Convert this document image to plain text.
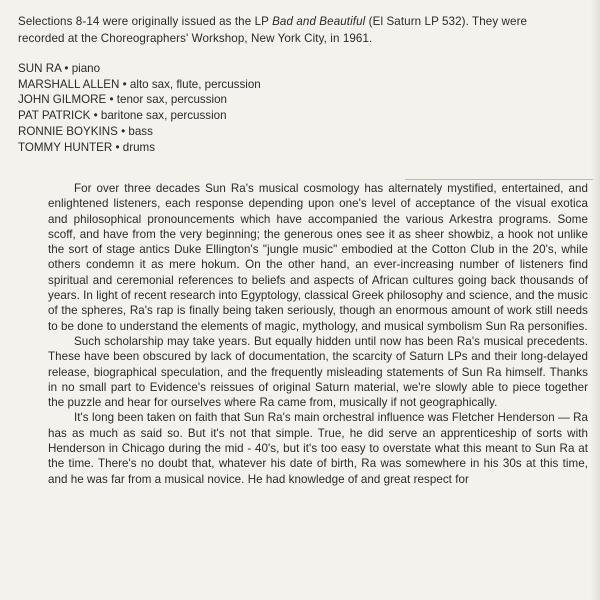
Selections 8-14 were originally issued as the LP Bad and Beautiful (El Saturn LP 532). They were recorded at the Choreographers' Workshop, New York City, in 1961.
SUN RA • piano
MARSHALL ALLEN • alto sax, flute, percussion
JOHN GILMORE • tenor sax, percussion
PAT PATRICK • baritone sax, percussion
RONNIE BOYKINS • bass
TOMMY HUNTER • drums

For over three decades Sun Ra's musical cosmology has alternately mystified, entertained, and enlightened listeners, each response depending upon one's level of acceptance of the visual exotica and philosophical pronouncements which have accompanied the various Arkestra programs. Some scoff, and have from the very beginning; the generous ones see it as sheer showbiz, a hook not unlike the sort of stage antics Duke Ellington's "jungle music" embodied at the Cotton Club in the 20's, while others condemn it as mere hokum. On the other hand, an ever-increasing number of listeners find spiritual and ceremonial references to beliefs and aspects of African cultures going back thousands of years. In light of recent research into Egyptology, classical Greek philosophy and science, and the music of the spheres, Ra's rap is finally being taken seriously, though an enormous amount of work still needs to be done to understand the elements of magic, mythology, and musical symbolism Sun Ra personifies.

Such scholarship may take years. But equally hidden until now has been Ra's musical precedents. These have been obscured by lack of documentation, the scarcity of Saturn LPs and their long-delayed release, biographical speculation, and the frequently misleading statements of Sun Ra himself. Thanks in no small part to Evidence's reissues of original Saturn material, we're slowly able to piece together the puzzle and hear for ourselves where Ra came from, musically if not geographically.

It's long been taken on faith that Sun Ra's main orchestral influence was Fletcher Henderson — Ra has as much as said so. But it's not that simple. True, he did serve an apprenticeship of sorts with Henderson in Chicago during the mid - 40's, but it's too easy to overstate what this meant to Sun Ra at the time. There's no doubt that, whatever his date of birth, Ra was somewhere in his 30s at this time, and he was far from a musical novice. He had knowledge of and great respect for
